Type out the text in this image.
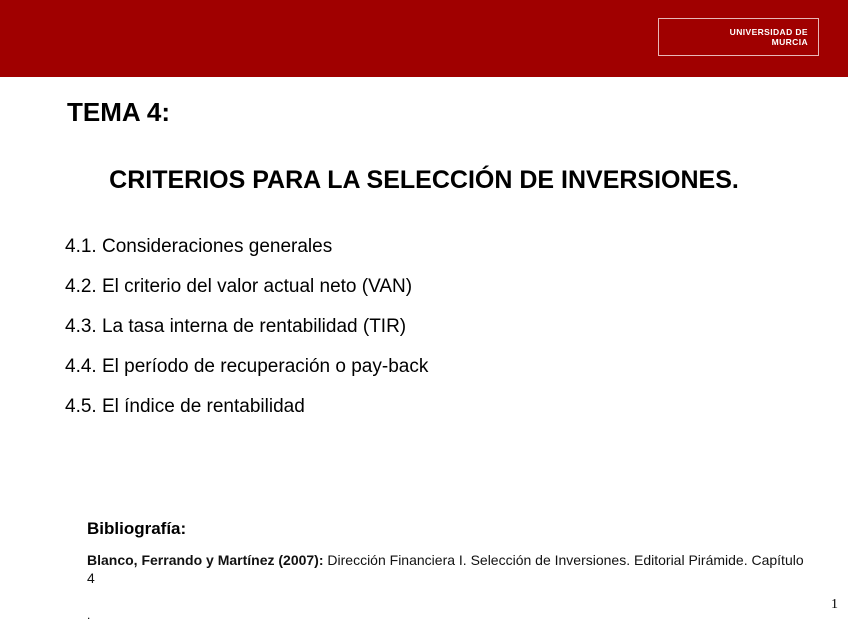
UNIVERSIDAD DE
MURCIA
TEMA 4:
CRITERIOS PARA LA SELECCIÓN DE INVERSIONES.
4.1. Consideraciones generales
4.2. El criterio del valor actual neto (VAN)
4.3. La tasa interna de rentabilidad (TIR)
4.4. El período de recuperación o pay-back
4.5. El índice de rentabilidad
Bibliografía:

Blanco, Ferrando y Martínez (2007): Dirección Financiera I. Selección de Inversiones. Editorial Pirámide. Capítulo 4

.
1
